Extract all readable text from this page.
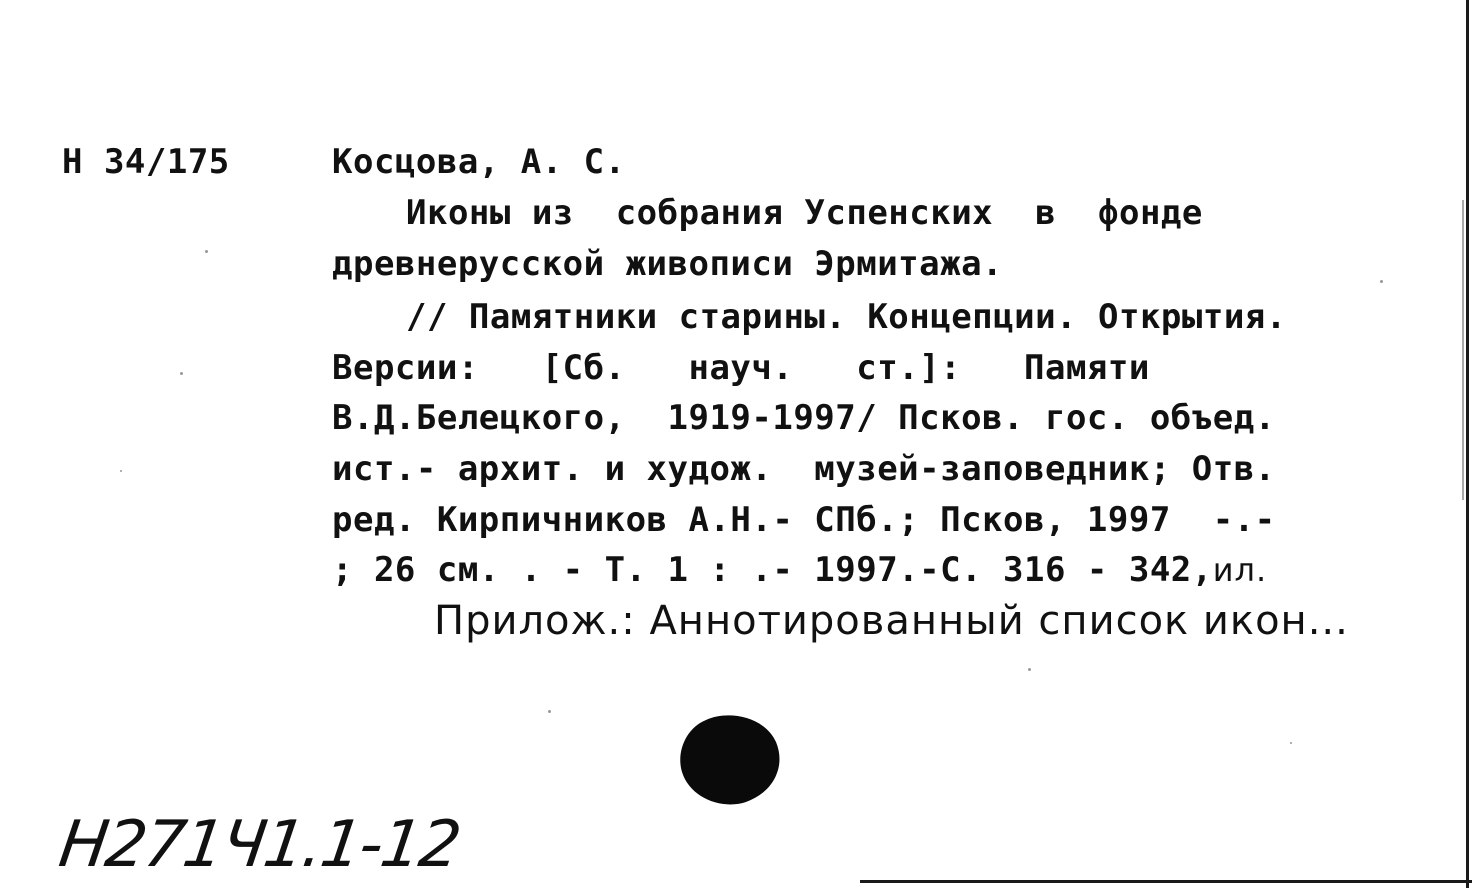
Н 34/175	Косцова, А. С.
Иконы из  собрания Успенских  в  фонде
древнерусской живописи Эрмитажа.
// Памятники старины. Концепции. Открытия.
Версии:   [Сб.   науч.   ст.]:   Памяти
В.Д.Белецкого,  1919-1997/ Псков. гос. объед.
ист.- архит. и худож.  музей-заповедник; Отв.
ред. Кирпичников А.Н.- СПб.; Псков, 1997  -.-
; 26 см. . - Т. 1 : .- 1997.-С. 316 - 342,ил.
Прилож.: Аннотированный список икон...
Н271Ч1.1-12
